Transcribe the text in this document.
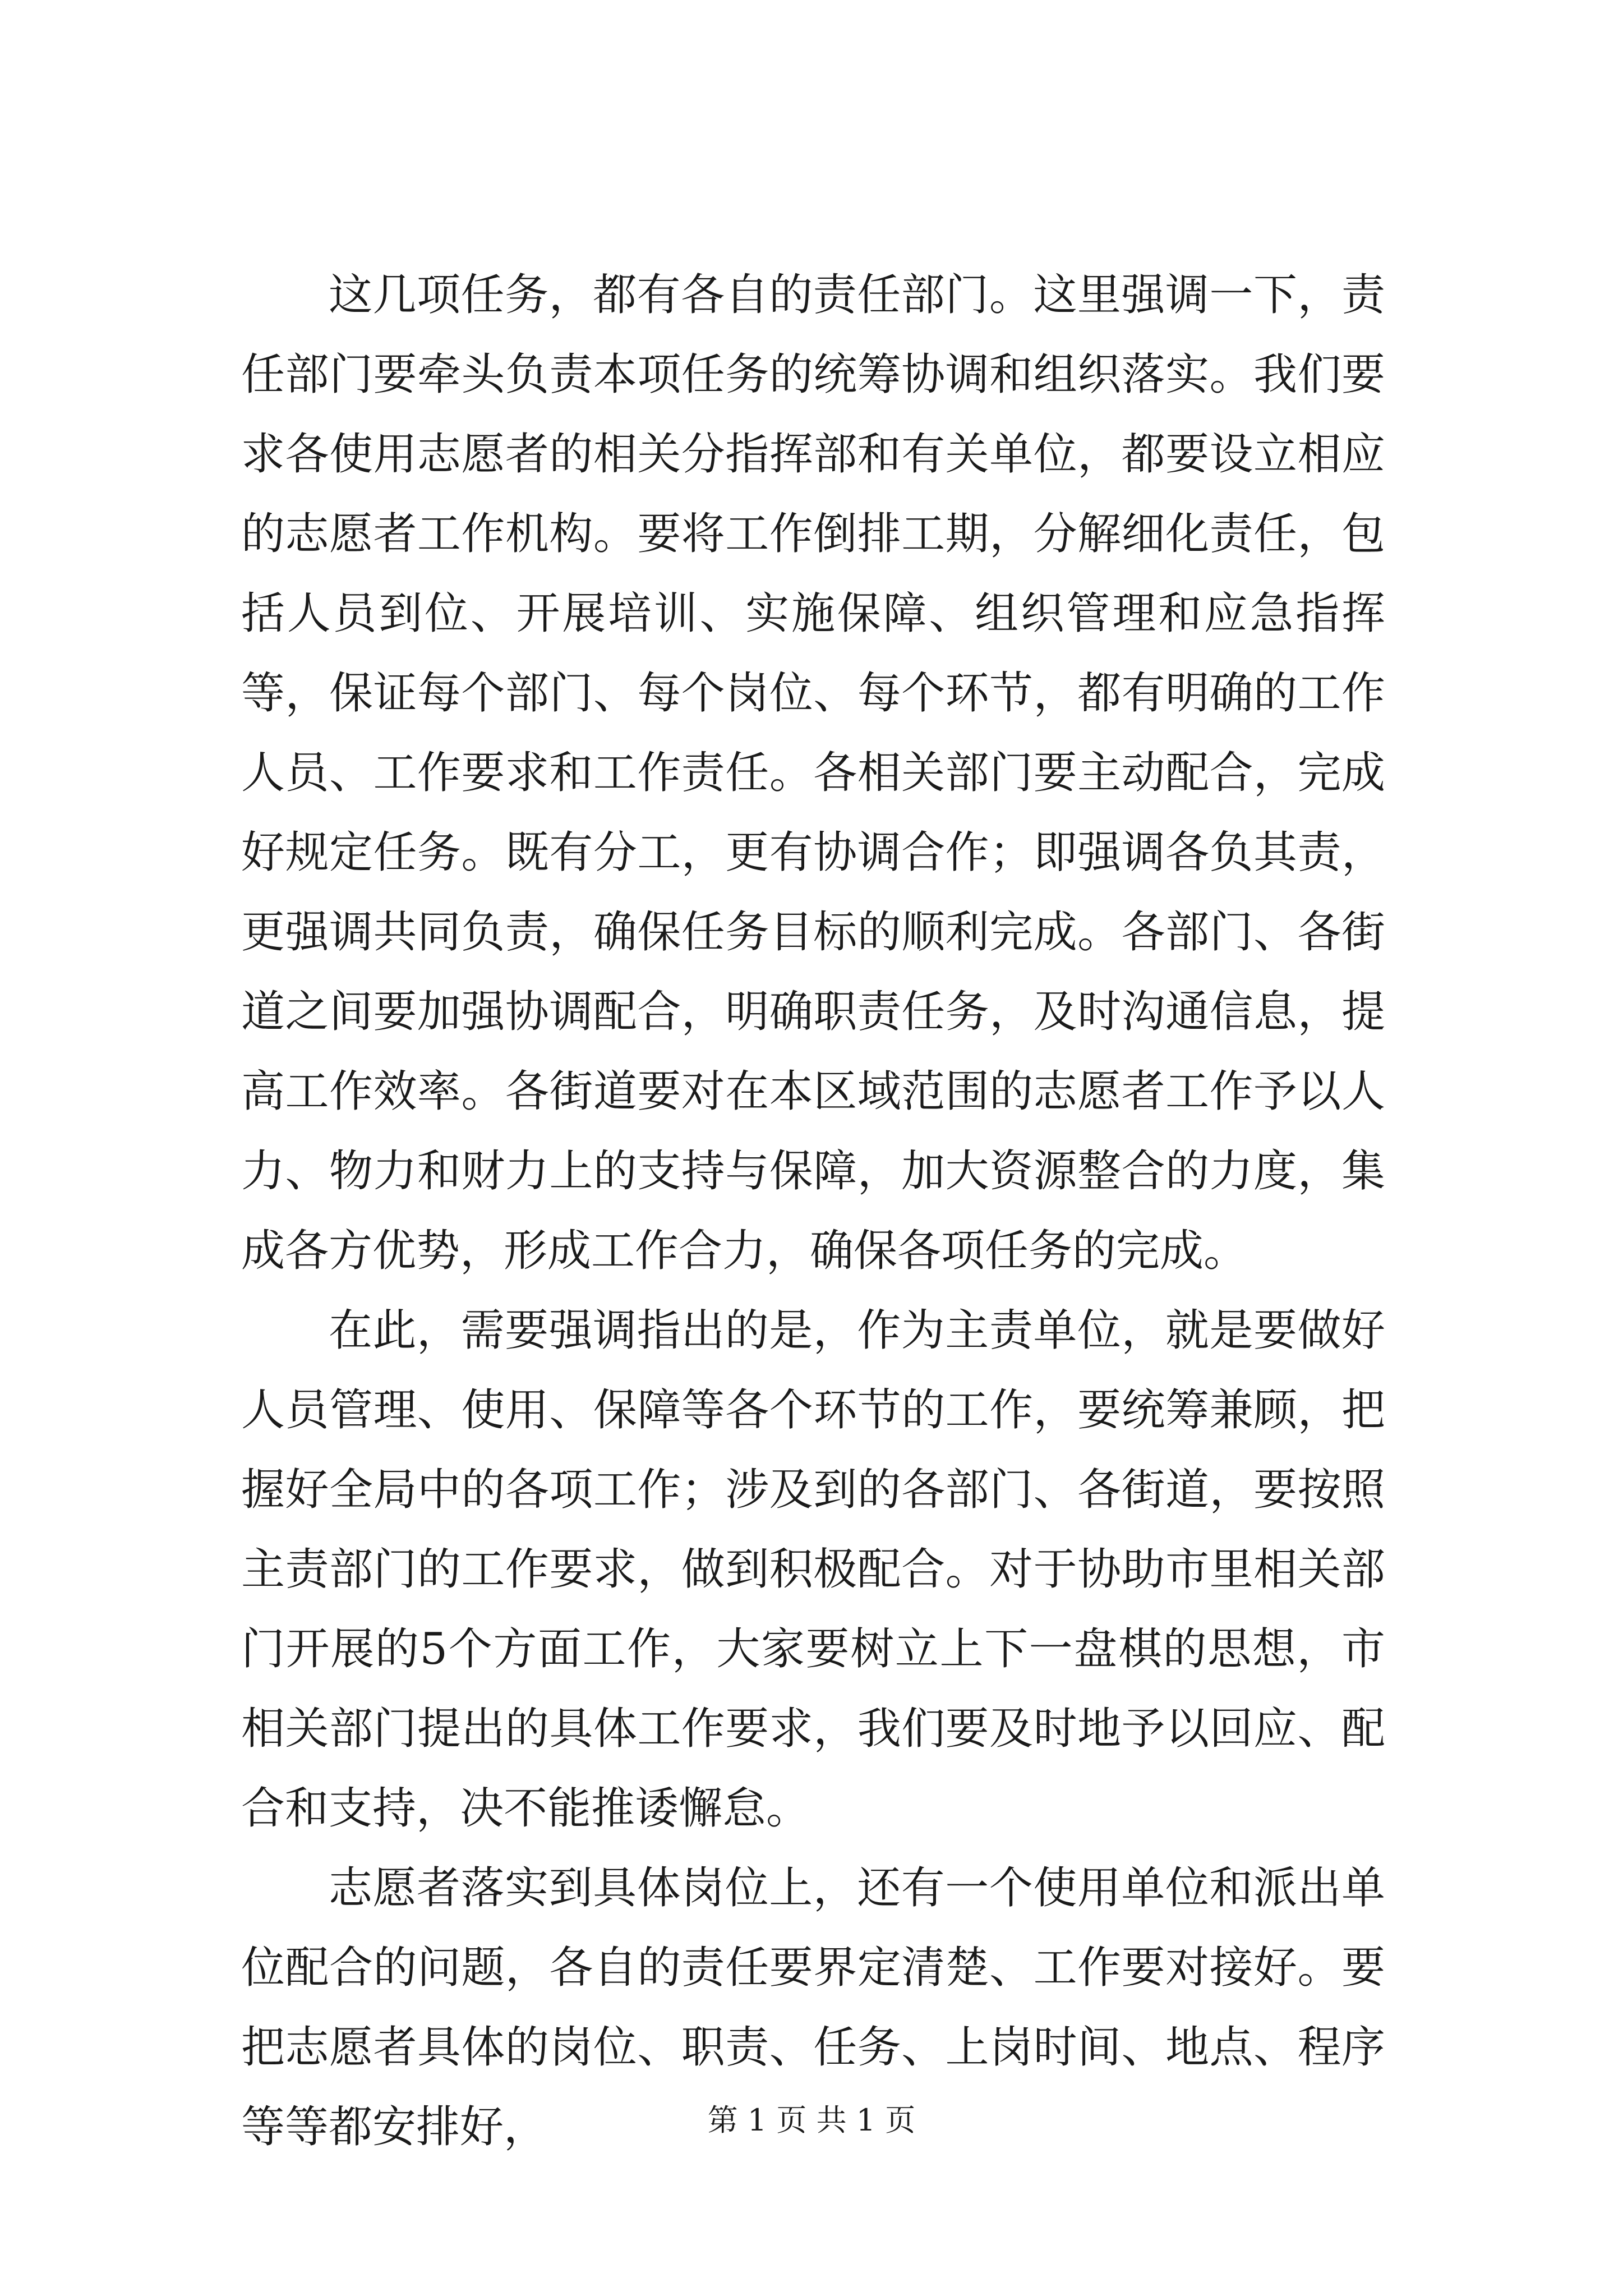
这几项任务，都有各自的责任部门。这里强调一下，责任部门要牵头负责本项任务的统筹协调和组织落实。我们要求各使用志愿者的相关分指挥部和有关单位，都要设立相应的志愿者工作机构。要将工作倒排工期，分解细化责任，包括人员到位、开展培训、实施保障、组织管理和应急指挥等，保证每个部门、每个岗位、每个环节，都有明确的工作人员、工作要求和工作责任。各相关部门要主动配合，完成好规定任务。既有分工，更有协调合作；即强调各负其责，更强调共同负责，确保任务目标的顺利完成。各部门、各街道之间要加强协调配合，明确职责任务，及时沟通信息，提高工作效率。各街道要对在本区域范围的志愿者工作予以人力、物力和财力上的支持与保障，加大资源整合的力度，集成各方优势，形成工作合力，确保各项任务的完成。

在此，需要强调指出的是，作为主责单位，就是要做好人员管理、使用、保障等各个环节的工作，要统筹兼顾，把握好全局中的各项工作；涉及到的各部门、各街道，要按照主责部门的工作要求，做到积极配合。对于协助市里相关部门开展的5个方面工作，大家要树立上下一盘棋的思想，市相关部门提出的具体工作要求，我们要及时地予以回应、配合和支持，决不能推诿懈怠。

志愿者落实到具体岗位上，还有一个使用单位和派出单位配合的问题，各自的责任要界定清楚、工作要对接好。要把志愿者具体的岗位、职责、任务、上岗时间、地点、程序等等都安排好，	第 1 页 共 1 页
